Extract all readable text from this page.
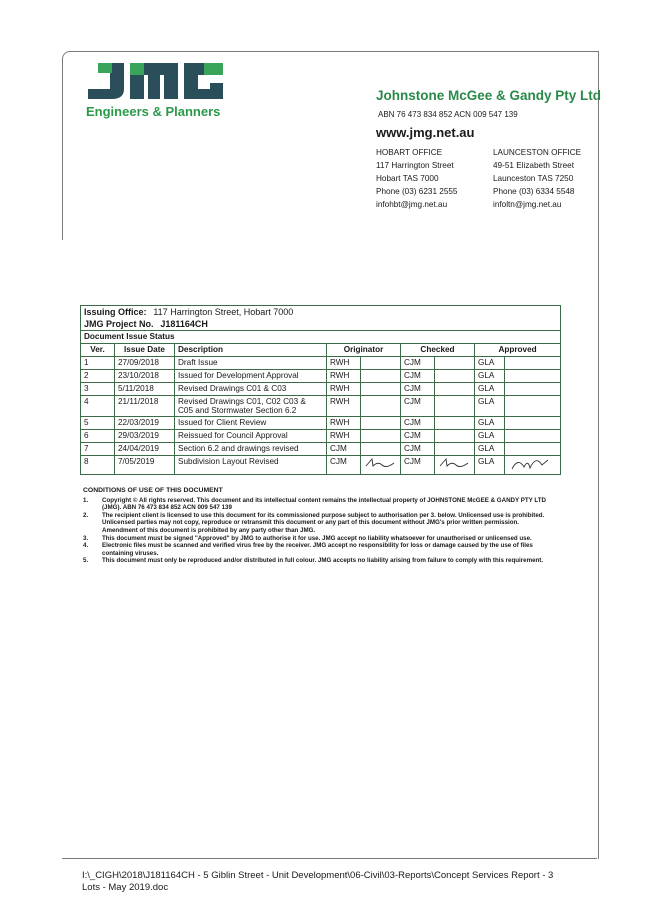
Engineers & Planners
Johnstone McGee & Gandy Pty Ltd
ABN 76 473 834 852 ACN 009 547 139
www.jmg.net.au
HOBART OFFICE
117 Harrington Street
Hobart TAS 7000
Phone (03) 6231 2555
infohbt@jmg.net.au
LAUNCESTON OFFICE
49-51 Elizabeth Street
Launceston TAS 7250
Phone (03) 6334 5548
infoltn@jmg.net.au
Issuing Office: 117 Harrington Street, Hobart 7000								
JMG Project No. J181164CH								
Document Issue Status								
Ver.	Issue Date	Description	Originator		Checked		Approved	
1	27/09/2018	Draft Issue	RWH		CJM		GLA	
2	23/10/2018	Issued for Development Approval	RWH		CJM		GLA	
3	5/11/2018	Revised Drawings C01 & C03	RWH		CJM		GLA	
4	21/11/2018	Revised Drawings C01, C02 C03 & C05 and Stormwater Section 6.2	RWH		CJM		GLA	
5	22/03/2019	Issued for Client Review	RWH		CJM		GLA	
6	29/03/2019	Reissued for Council Approval	RWH		CJM		GLA	
7	24/04/2019	Section 6.2 and drawings revised	CJM		CJM		GLA	
8	7/05/2019	Subdivision Layout Revised	CJM		CJM		GLA	
CONDITIONS OF USE OF THIS DOCUMENT
1.	Copyright © All rights reserved. This document and its intellectual content remains the intellectual property of JOHNSTONE McGEE & GANDY PTY LTD (JMG). ABN 76 473 834 852 ACN 009 547 139
2.	The recipient client is licensed to use this document for its commissioned purpose subject to authorisation per 3. below. Unlicensed use is prohibited. Unlicensed parties may not copy, reproduce or retransmit this document or any part of this document without JMG's prior written permission. Amendment of this document is prohibited by any party other than JMG.
3.	This document must be signed "Approved" by JMG to authorise it for use. JMG accept no liability whatsoever for unauthorised or unlicensed use.
4.	Electronic files must be scanned and verified virus free by the receiver. JMG accept no responsibility for loss or damage caused by the use of files containing viruses.
5.	This document must only be reproduced and/or distributed in full colour. JMG accepts no liability arising from failure to comply with this requirement.
I:\_CIGH\2018\J181164CH - 5 Giblin Street - Unit Development\06-Civil\03-Reports\Concept Services Report - 3 Lots - May 2019.doc
